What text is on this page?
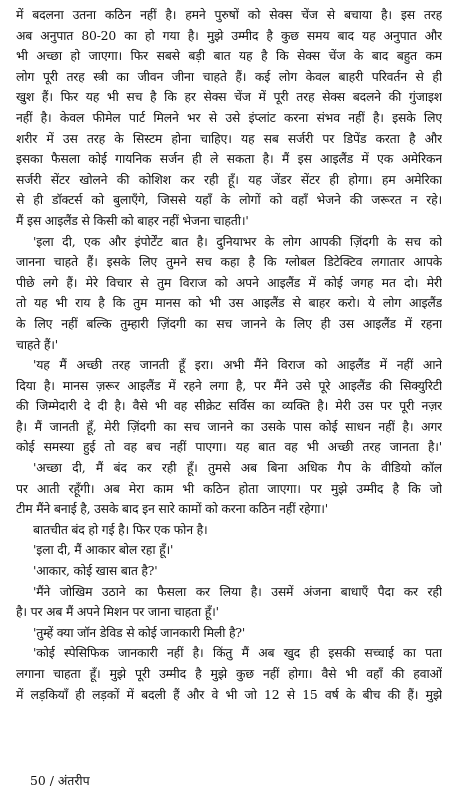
में बदलना उतना कठिन नहीं है। हमने पुरुषों को सेक्स चेंज से बचाया है। इस तरह
अब अनुपात 80-20 का हो गया है। मुझे उम्मीद है कुछ समय बाद यह अनुपात और
भी अच्छा हो जाएगा। फिर सबसे बड़ी बात यह है कि सेक्स चेंज के बाद बहुत कम
लोग पूरी तरह स्त्री का जीवन जीना चाहते हैं। कई लोग केवल बाहरी परिवर्तन से ही
खुश हैं। फिर यह भी सच है कि हर सेक्स चेंज में पूरी तरह सेक्स बदलने की गुंजाइश
नहीं है। केवल फीमेल पार्ट मिलने भर से उसे इंप्लांट करना संभव नहीं है। इसके लिए
शरीर में उस तरह के सिस्टम होना चाहिए। यह सब सर्जरी पर डिपेंड करता है और
इसका फैसला कोई गायनिक सर्जन ही ले सकता है। मैं इस आइलैंड में एक अमेरिकन
सर्जरी सेंटर खोलने की कोशिश कर रही हूँ। यह जेंडर सेंटर ही होगा। हम अमेरिका
से ही डॉक्टर्स को बुलाएँगे, जिससे यहाँ के लोगों को वहाँ भेजने की जरूरत न रहे।
मैं इस आइलैंड से किसी को बाहर नहीं भेजना चाहती।'
'इला दी, एक और इंपोर्टेंट बात है। दुनियाभर के लोग आपकी ज़िंदगी के सच को
जानना चाहते हैं। इसके लिए तुमने सच कहा है कि ग्लोबल डिटेक्टिव लगातार आपके
पीछे लगे हैं। मेरे विचार से तुम विराज को अपने आइलैंड में कोई जगह मत दो। मेरी
तो यह भी राय है कि तुम मानस को भी उस आइलैंड से बाहर करो। ये लोग आइलैंड
के लिए नहीं बल्कि तुम्हारी ज़िंदगी का सच जानने के लिए ही उस आइलैंड में रहना
चाहते हैं।'
'यह मैं अच्छी तरह जानती हूँ इरा। अभी मैंने विराज को आइलैंड में नहीं आने
दिया है। मानस ज़रूर आइलैंड में रहने लगा है, पर मैंने उसे पूरे आइलैंड की सिक्युरिटी
की जिम्मेदारी दे दी है। वैसे भी वह सीक्रेट सर्विस का व्यक्ति है। मेरी उस पर पूरी नज़र
है। मैं जानती हूँ, मेरी ज़िंदगी का सच जानने का उसके पास कोई साधन नहीं है। अगर
कोई समस्या हुई तो वह बच नहीं पाएगा। यह बात वह भी अच्छी तरह जानता है।'
'अच्छा दी, मैं बंद कर रही हूँ। तुमसे अब बिना अधिक गैप के वीडियो कॉल
पर आती रहूँगी। अब मेरा काम भी कठिन होता जाएगा। पर मुझे उम्मीद है कि जो
टीम मैंने बनाई है, उसके बाद इन सारे कामों को करना कठिन नहीं रहेगा।'
बातचीत बंद हो गई है। फिर एक फोन है।
'इला दी, मैं आकार बोल रहा हूँ।'
'आकार, कोई खास बात है?'
'मैंने जोखिम उठाने का फैसला कर लिया है। उसमें अंजना बाधाएँ पैदा कर रही
है। पर अब मैं अपने मिशन पर जाना चाहता हूँ।'
'तुम्हें क्या जॉन डेविड से कोई जानकारी मिली है?'
'कोई स्पेसिफिक जानकारी नहीं है। किंतु मैं अब खुद ही इसकी सच्चाई का पता
लगाना चाहता हूँ। मुझे पूरी उम्मीद है मुझे कुछ नहीं होगा। वैसे भी वहाँ की हवाओं
में लड़कियाँ ही लड़कों में बदली हैं और वे भी जो 12 से 15 वर्ष के बीच की हैं। मुझे
50 / अंतरीप
